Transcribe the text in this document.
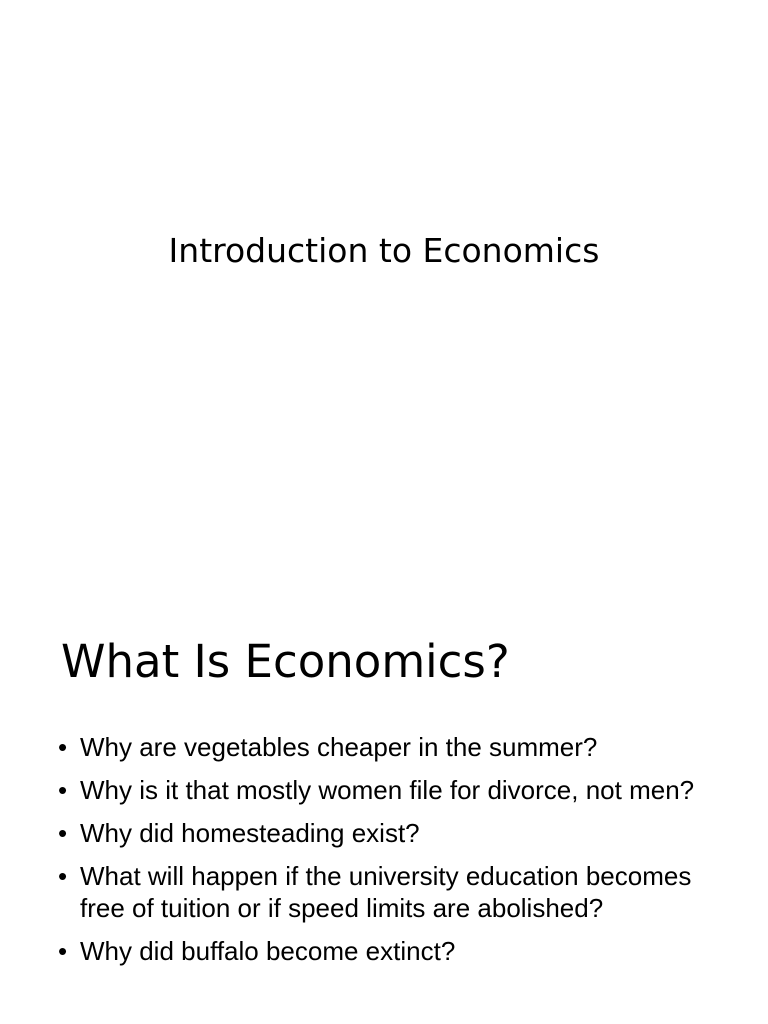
Introduction to Economics
What Is Economics?
• Why are vegetables cheaper in the summer?
• Why is it that mostly women file for divorce, not men?
• Why did homesteading exist?
• What will happen if the university education becomes free of tuition or if speed limits are abolished?
• Why did buffalo become extinct?
